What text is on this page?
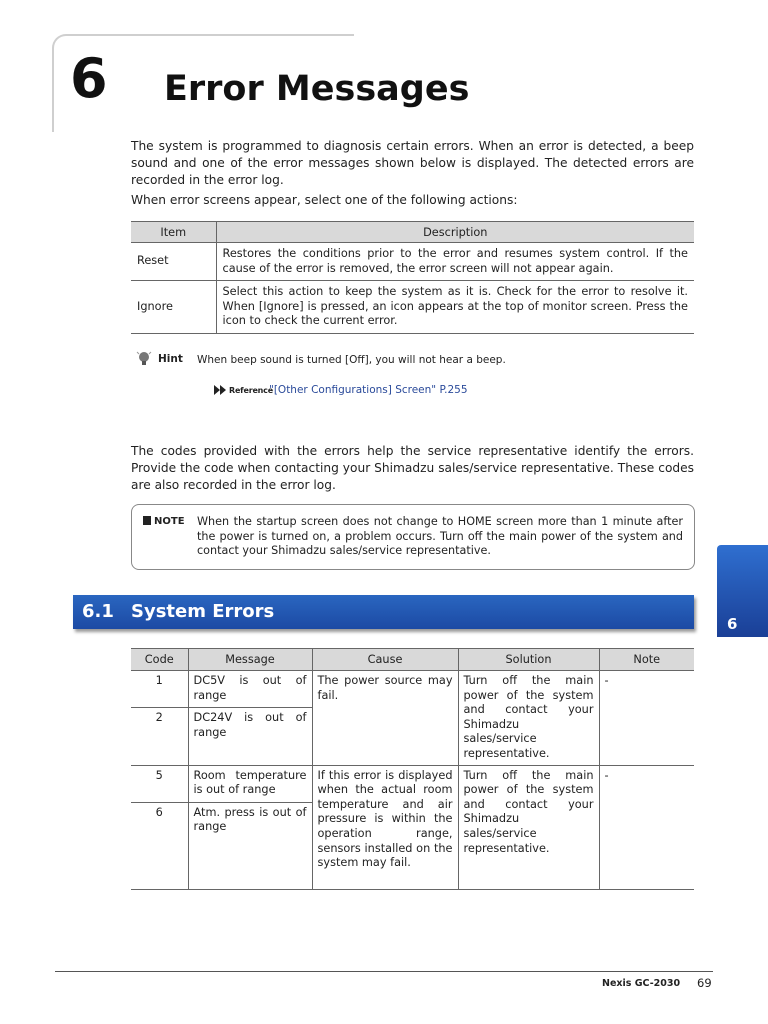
6 Error Messages

The system is programmed to diagnosis certain errors. When an error is detected, a beep sound and one of the error messages shown below is displayed. The detected errors are recorded in the error log.

When error screens appear, select one of the following actions:

Item	Description
Reset	Restores the conditions prior to the error and resumes system control. If the cause of the error is removed, the error screen will not appear again.
Ignore	Select this action to keep the system as it is. Check for the error to resolve it. When [Ignore] is pressed, an icon appears at the top of monitor screen. Press the icon to check the current error.
Hint When beep sound is turned [Off], you will not hear a beep.
Reference
"[Other Configurations] Screen" P.255

The codes provided with the errors help the service representative identify the errors. Provide the code when contacting your Shimadzu sales/service representative. These codes are also recorded in the error log.

NOTE When the startup screen does not change to HOME screen more than 1 minute after the power is turned on, a problem occurs. Turn off the main power of the system and contact your Shimadzu sales/service representative.

6.1 System Errors
6
Code	Message	Cause	Solution	Note
1	DC5V is out of range	The power source may fail.	Turn off the main power of the system and contact your Shimadzu sales/service representative.	-
2	DC24V is out of range			
5	Room temperature is out of range	If this error is displayed when the actual room temperature and air pressure is within the operation range, sensors installed on the system may fail.	Turn off the main power of the system and contact your Shimadzu sales/service representative.	-
6	Atm. press is out of range			
Nexis GC-2030 69
